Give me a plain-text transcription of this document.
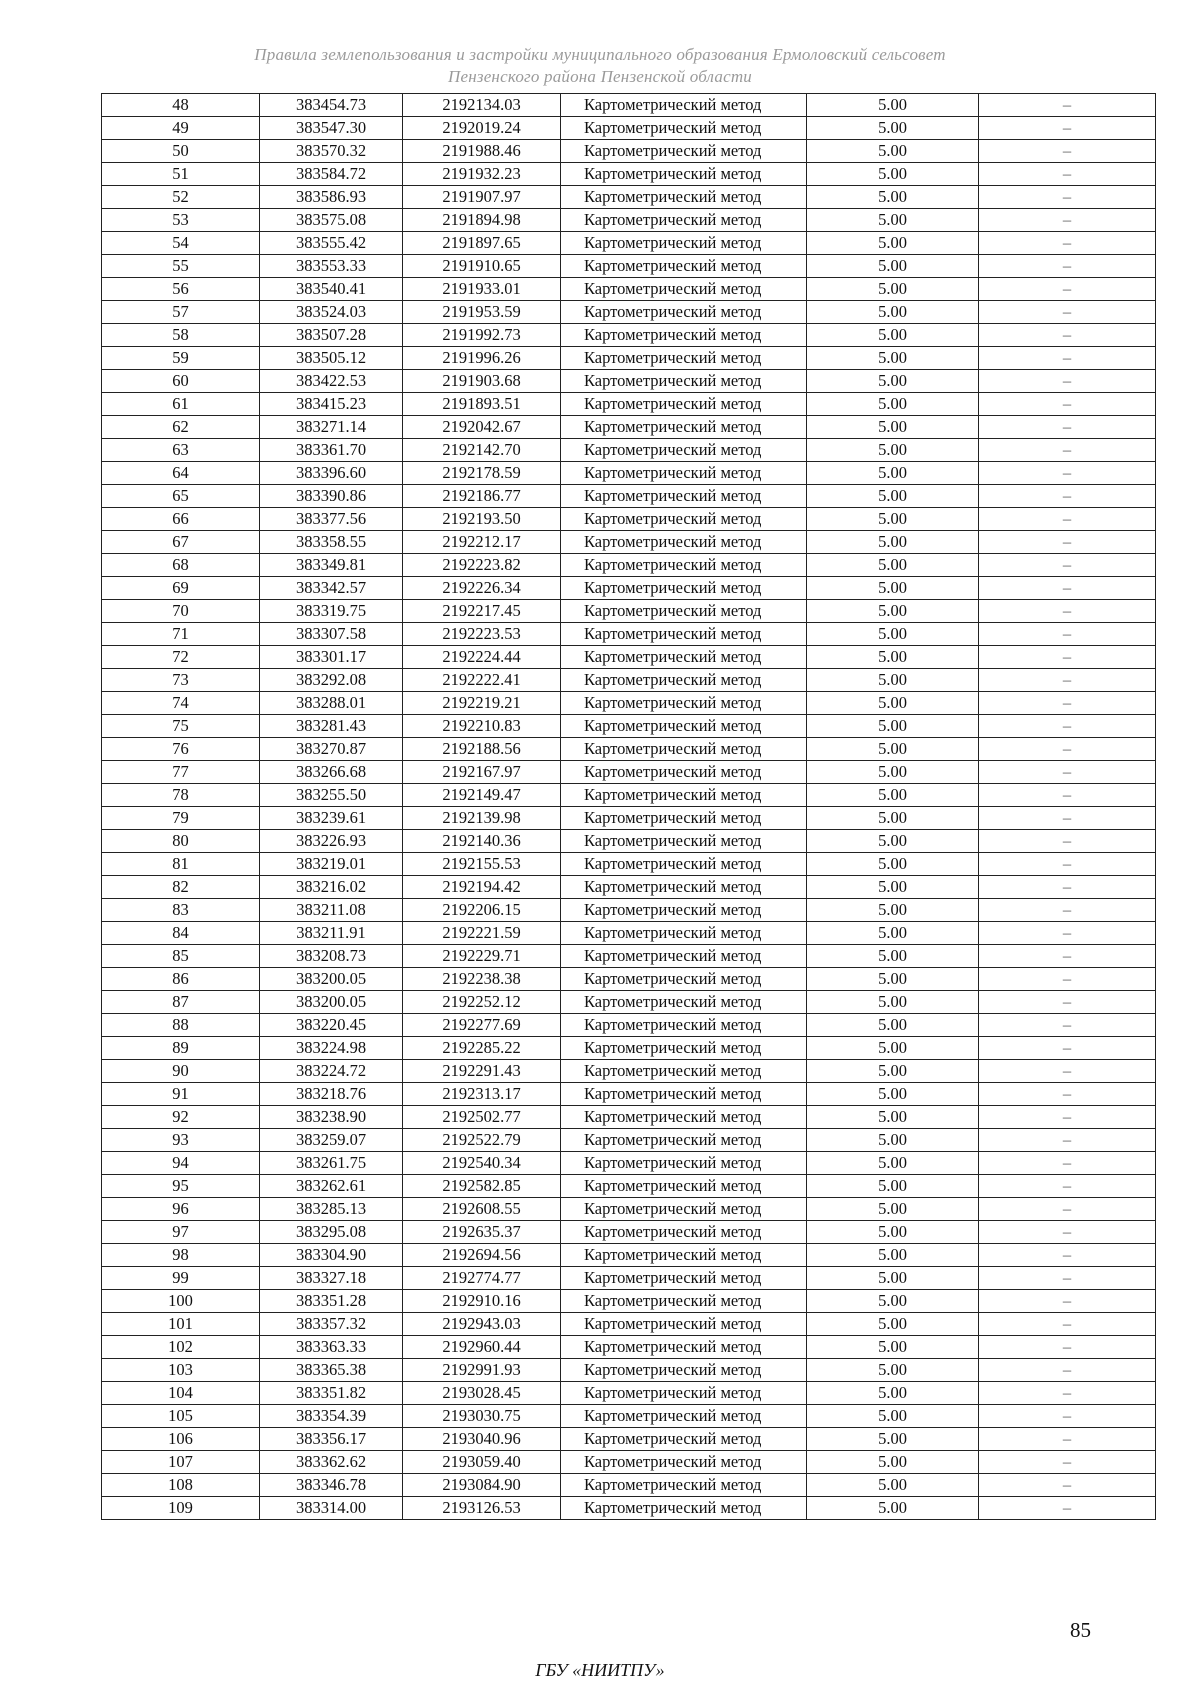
Правила землепользования и застройки муниципального образования Ермоловский сельсовет
Пензенского района Пензенской области
48	383454.73	2192134.03	Картометрический метод	5.00	–
49	383547.30	2192019.24	Картометрический метод	5.00	–
50	383570.32	2191988.46	Картометрический метод	5.00	–
51	383584.72	2191932.23	Картометрический метод	5.00	–
52	383586.93	2191907.97	Картометрический метод	5.00	–
53	383575.08	2191894.98	Картометрический метод	5.00	–
54	383555.42	2191897.65	Картометрический метод	5.00	–
55	383553.33	2191910.65	Картометрический метод	5.00	–
56	383540.41	2191933.01	Картометрический метод	5.00	–
57	383524.03	2191953.59	Картометрический метод	5.00	–
58	383507.28	2191992.73	Картометрический метод	5.00	–
59	383505.12	2191996.26	Картометрический метод	5.00	–
60	383422.53	2191903.68	Картометрический метод	5.00	–
61	383415.23	2191893.51	Картометрический метод	5.00	–
62	383271.14	2192042.67	Картометрический метод	5.00	–
63	383361.70	2192142.70	Картометрический метод	5.00	–
64	383396.60	2192178.59	Картометрический метод	5.00	–
65	383390.86	2192186.77	Картометрический метод	5.00	–
66	383377.56	2192193.50	Картометрический метод	5.00	–
67	383358.55	2192212.17	Картометрический метод	5.00	–
68	383349.81	2192223.82	Картометрический метод	5.00	–
69	383342.57	2192226.34	Картометрический метод	5.00	–
70	383319.75	2192217.45	Картометрический метод	5.00	–
71	383307.58	2192223.53	Картометрический метод	5.00	–
72	383301.17	2192224.44	Картометрический метод	5.00	–
73	383292.08	2192222.41	Картометрический метод	5.00	–
74	383288.01	2192219.21	Картометрический метод	5.00	–
75	383281.43	2192210.83	Картометрический метод	5.00	–
76	383270.87	2192188.56	Картометрический метод	5.00	–
77	383266.68	2192167.97	Картометрический метод	5.00	–
78	383255.50	2192149.47	Картометрический метод	5.00	–
79	383239.61	2192139.98	Картометрический метод	5.00	–
80	383226.93	2192140.36	Картометрический метод	5.00	–
81	383219.01	2192155.53	Картометрический метод	5.00	–
82	383216.02	2192194.42	Картометрический метод	5.00	–
83	383211.08	2192206.15	Картометрический метод	5.00	–
84	383211.91	2192221.59	Картометрический метод	5.00	–
85	383208.73	2192229.71	Картометрический метод	5.00	–
86	383200.05	2192238.38	Картометрический метод	5.00	–
87	383200.05	2192252.12	Картометрический метод	5.00	–
88	383220.45	2192277.69	Картометрический метод	5.00	–
89	383224.98	2192285.22	Картометрический метод	5.00	–
90	383224.72	2192291.43	Картометрический метод	5.00	–
91	383218.76	2192313.17	Картометрический метод	5.00	–
92	383238.90	2192502.77	Картометрический метод	5.00	–
93	383259.07	2192522.79	Картометрический метод	5.00	–
94	383261.75	2192540.34	Картометрический метод	5.00	–
95	383262.61	2192582.85	Картометрический метод	5.00	–
96	383285.13	2192608.55	Картометрический метод	5.00	–
97	383295.08	2192635.37	Картометрический метод	5.00	–
98	383304.90	2192694.56	Картометрический метод	5.00	–
99	383327.18	2192774.77	Картометрический метод	5.00	–
100	383351.28	2192910.16	Картометрический метод	5.00	–
101	383357.32	2192943.03	Картометрический метод	5.00	–
102	383363.33	2192960.44	Картометрический метод	5.00	–
103	383365.38	2192991.93	Картометрический метод	5.00	–
104	383351.82	2193028.45	Картометрический метод	5.00	–
105	383354.39	2193030.75	Картометрический метод	5.00	–
106	383356.17	2193040.96	Картометрический метод	5.00	–
107	383362.62	2193059.40	Картометрический метод	5.00	–
108	383346.78	2193084.90	Картометрический метод	5.00	–
109	383314.00	2193126.53	Картометрический метод	5.00	–
85
ГБУ «НИИТПУ»
